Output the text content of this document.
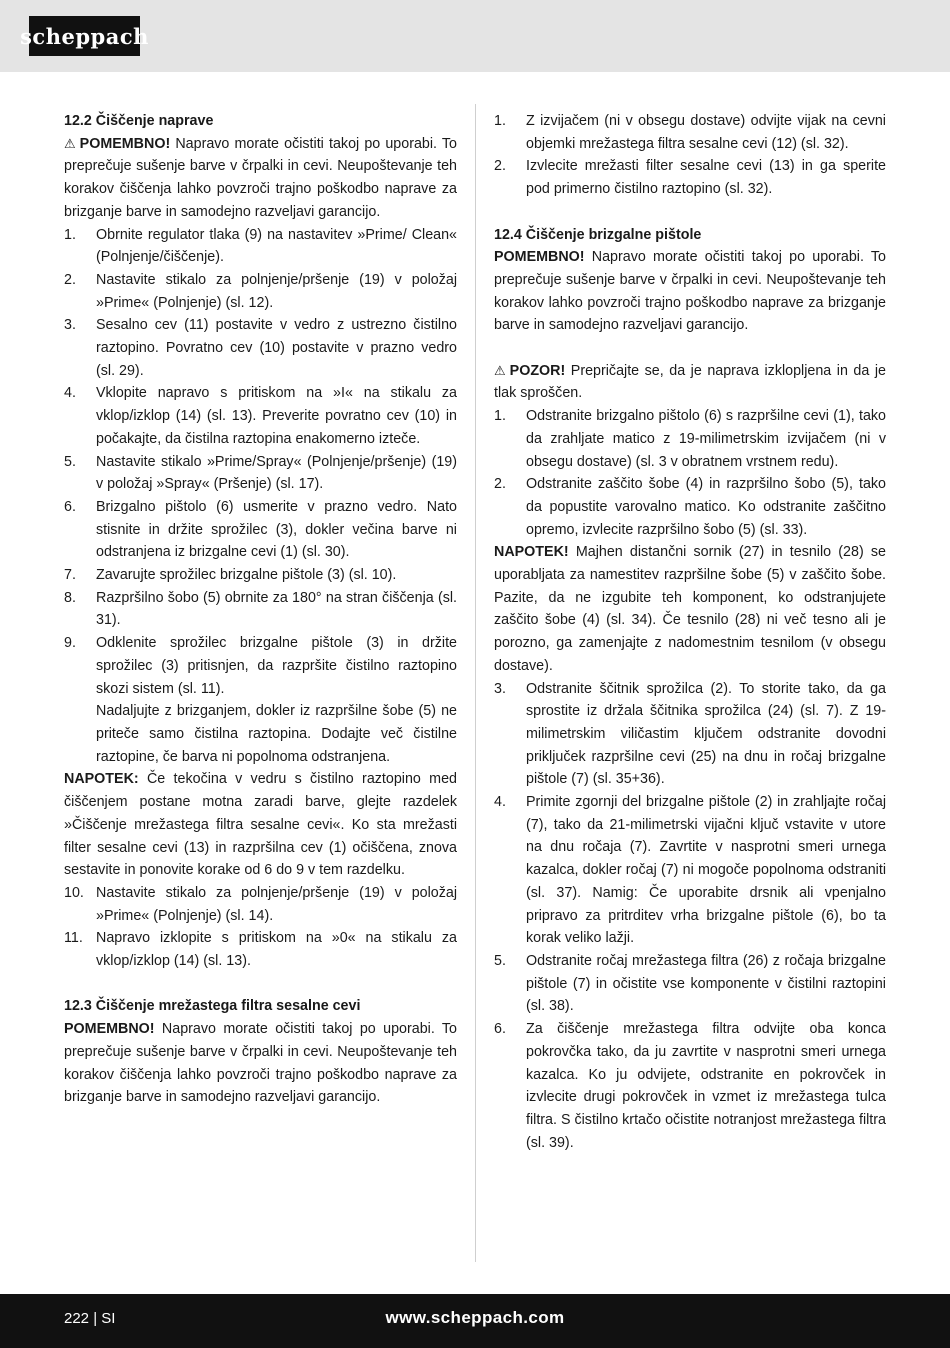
scheppach

12.2 Čiščenje naprave

⚠ POMEMBNO! Napravo morate očistiti takoj po uporabi. To preprečuje sušenje barve v črpalki in cevi. Neupoštevanje teh korakov čiščenja lahko povzroči trajno poškodbo naprave za brizganje barve in samodejno razveljavi garancijo.

1.	Obrnite regulator tlaka (9) na nastavitev »Prime/ Clean« (Polnjenje/čiščenje).
2.	Nastavite stikalo za polnjenje/pršenje (19) v položaj »Prime« (Polnjenje) (sl. 12).
3.	Sesalno cev (11) postavite v vedro z ustrezno čistilno raztopino. Povratno cev (10) postavite v prazno vedro (sl. 29).
4.	Vklopite napravo s pritiskom na »I« na stikalu za vklop/izklop (14) (sl. 13). Preverite povratno cev (10) in počakajte, da čistilna raztopina enakomerno izteče.
5.	Nastavite stikalo »Prime/Spray« (Polnjenje/pršenje) (19) v položaj »Spray« (Pršenje) (sl. 17).
6.	Brizgalno pištolo (6) usmerite v prazno vedro. Nato stisnite in držite sprožilec (3), dokler večina barve ni odstranjena iz brizgalne cevi (1) (sl. 30).
7.	Zavarujte sprožilec brizgalne pištole (3) (sl. 10).
8.	Razpršilno šobo (5) obrnite za 180° na stran čiščenja (sl. 31).
9.	Odklenite sprožilec brizgalne pištole (3) in držite sprožilec (3) pritisnjen, da razpršite čistilno raztopino skozi sistem (sl. 11).

Nadaljujte z brizganjem, dokler iz razpršilne šobe (5) ne priteče samo čistilna raztopina. Dodajte več čistilne raztopine, če barva ni popolnoma odstranjena.

NAPOTEK: Če tekočina v vedru s čistilno raztopino med čiščenjem postane motna zaradi barve, glejte razdelek »Čiščenje mrežastega filtra sesalne cevi«. Ko sta mrežasti filter sesalne cevi (13) in razpršilna cev (1) očiščena, znova sestavite in ponovite korake od 6 do 9 v tem razdelku.

10. Nastavite stikalo za polnjenje/pršenje (19) v položaj »Prime« (Polnjenje) (sl. 14).
11. Napravo izklopite s pritiskom na »0« na stikalu za vklop/izklop (14) (sl. 13).

12.3 Čiščenje mrežastega filtra sesalne cevi

POMEMBNO! Napravo morate očistiti takoj po uporabi. To preprečuje sušenje barve v črpalki in cevi. Neupoštevanje teh korakov čiščenja lahko povzroči trajno poškodbo naprave za brizganje barve in samodejno razveljavi garancijo.

1.	Z izvijačem (ni v obsegu dostave) odvijte vijak na cevni objemki mrežastega filtra sesalne cevi (12) (sl. 32).
2.	Izvlecite mrežasti filter sesalne cevi (13) in ga sperite pod primerno čistilno raztopino (sl. 32).

12.4 Čiščenje brizgalne pištole

POMEMBNO! Napravo morate očistiti takoj po uporabi. To preprečuje sušenje barve v črpalki in cevi. Neupoštevanje teh korakov lahko povzroči trajno poškodbo naprave za brizganje barve in samodejno razveljavi garancijo.

⚠ POZOR! Prepričajte se, da je naprava izklopljena in da je tlak sproščen.

1.	Odstranite brizgalno pištolo (6) s razpršilne cevi (1), tako da zrahljate matico z 19-milimetrskim izvijačem (ni v obsegu dostave) (sl. 3 v obratnem vrstnem redu).
2.	Odstranite zaščito šobe (4) in razpršilno šobo (5), tako da popustite varovalno matico. Ko odstranite zaščitno opremo, izvlecite razpršilno šobo (5) (sl. 33).

NAPOTEK! Majhen distančni sornik (27) in tesnilo (28) se uporabljata za namestitev razpršilne šobe (5) v zaščito šobe. Pazite, da ne izgubite teh komponent, ko odstranjujete zaščito šobe (4) (sl. 34). Če tesnilo (28) ni več tesno ali je porozno, ga zamenjajte z nadomestnim tesnilom (v obsegu dostave).

3.	Odstranite ščitnik sprožilca (2). To storite tako, da ga sprostite iz držala ščitnika sprožilca (24) (sl. 7). Z 19-milimetrskim viličastim ključem odstranite dovodni priključek razpršilne cevi (25) na dnu in ročaj brizgalne pištole (7) (sl. 35+36).
4.	Primite zgornji del brizgalne pištole (2) in zrahljajte ročaj (7), tako da 21-milimetrski vijačni ključ vstavite v utore na dnu ročaja (7). Zavrtite v nasprotni smeri urnega kazalca, dokler ročaj (7) ni mogoče popolnoma odstraniti (sl. 37). Namig: Če uporabite drsnik ali vpenjalno pripravo za pritrditev vrha brizgalne pištole (6), bo ta korak veliko lažji.
5.	Odstranite ročaj mrežastega filtra (26) z ročaja brizgalne pištole (7) in očistite vse komponente v čistilni raztopini (sl. 38).
6.	Za čiščenje mrežastega filtra odvijte oba konca pokrovčka tako, da ju zavrtite v nasprotni smeri urnega kazalca. Ko ju odvijete, odstranite en pokrovček in izvlecite drugi pokrovček in vzmet iz mrežastega tulca filtra. S čistilno krtačo očistite notranjost mrežastega filtra (sl. 39).
222 | SI	www.scheppach.com
